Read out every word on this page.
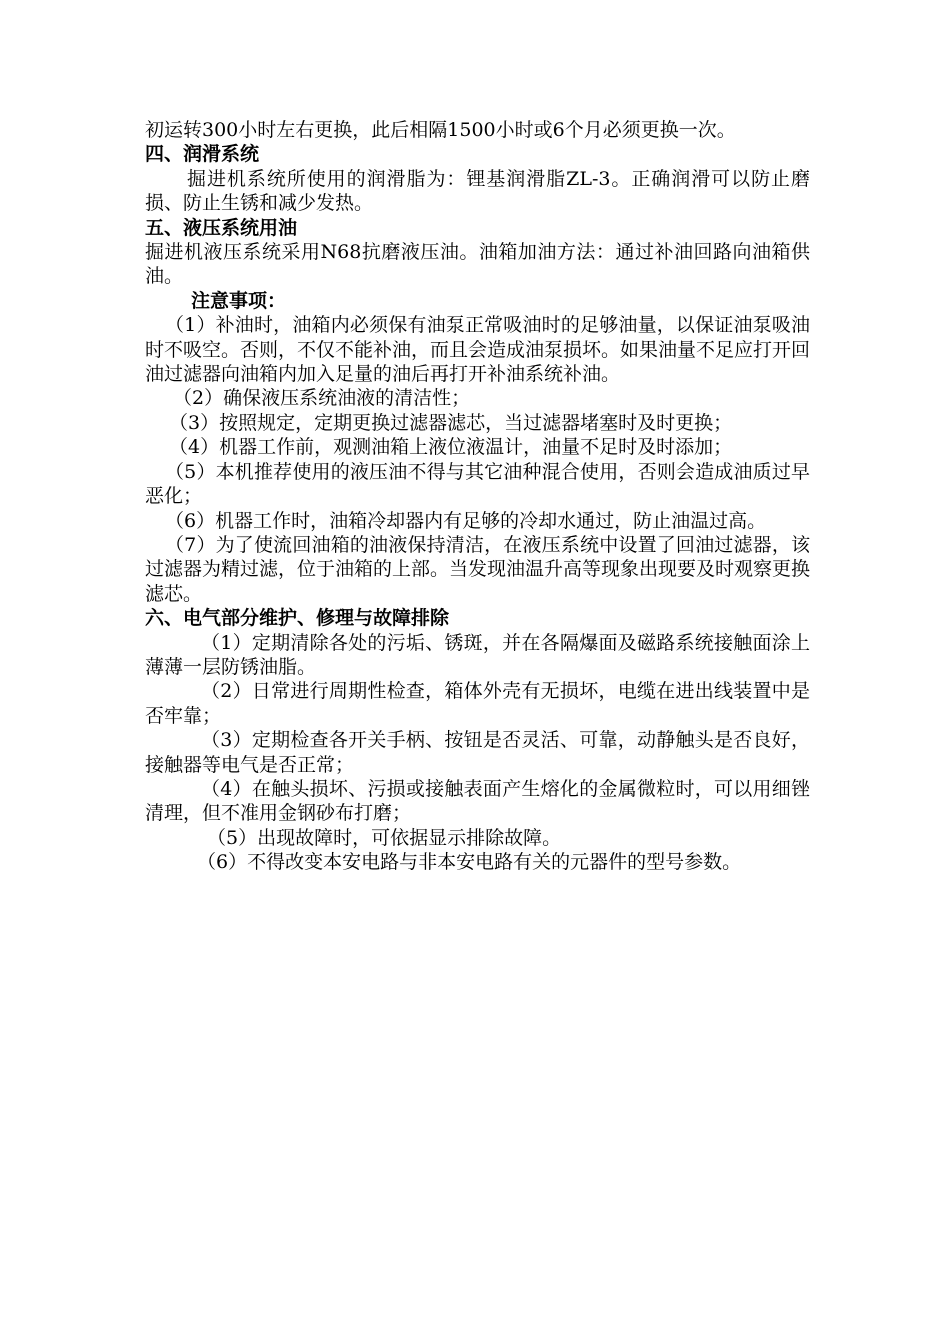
初运转300小时左右更换，此后相隔1500小时或6个月必须更换一次。

四、润滑系统

掘进机系统所使用的润滑脂为：锂基润滑脂ZL-3。正确润滑可以防止磨损、防止生锈和减少发热。

五、液压系统用油

掘进机液压系统采用N68抗磨液压油。油箱加油方法：通过补油回路向油箱供油。

注意事项：

（1）补油时，油箱内必须保有油泵正常吸油时的足够油量，以保证油泵吸油时不吸空。否则，不仅不能补油，而且会造成油泵损坏。如果油量不足应打开回油过滤器向油箱内加入足量的油后再打开补油系统补油。

（2）确保液压系统油液的清洁性；

（3）按照规定，定期更换过滤器滤芯，当过滤器堵塞时及时更换；

（4）机器工作前，观测油箱上液位液温计，油量不足时及时添加；

（5）本机推荐使用的液压油不得与其它油种混合使用，否则会造成油质过早恶化；

（6）机器工作时，油箱冷却器内有足够的冷却水通过，防止油温过高。

（7）为了使流回油箱的油液保持清洁，在液压系统中设置了回油过滤器，该过滤器为精过滤，位于油箱的上部。当发现油温升高等现象出现要及时观察更换滤芯。

六、电气部分维护、修理与故障排除

（1）定期清除各处的污垢、锈斑，并在各隔爆面及磁路系统接触面涂上薄薄一层防锈油脂。

（2）日常进行周期性检查，箱体外壳有无损坏，电缆在进出线装置中是否牢靠；

（3）定期检查各开关手柄、按钮是否灵活、可靠，动静触头是否良好，接触器等电气是否正常；

（4）在触头损坏、污损或接触表面产生熔化的金属微粒时，可以用细锉清理，但不准用金钢砂布打磨；

（5）出现故障时，可依据显示排除故障。

（6）不得改变本安电路与非本安电路有关的元器件的型号参数。
